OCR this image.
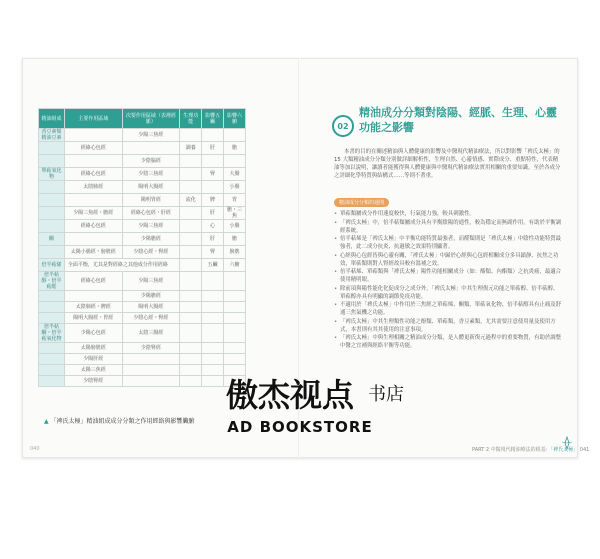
精油組成	主要作用區域	次要作用區域（表裡經脈）	生理功能	影響五臟	影響六腑
香豆素類精油豆素		少陽三焦經			
	經絡心包經		調養	肝	膽
		少陰腦經			
單萜氧化物	經絡心包經	少陰三焦經		腎	大腸
	太陰肺經	陽明大腸經			小腸
		陽明胃經	流化	脾	胃
	少陽三焦經・膽經	經絡心包經・肝經		肝	膽・三焦
	經絡心包經	少陽三焦經		心	小腸
酮		少陽膽經		肝	膽
	太陽小腸經・膀胱經	少陰心經・腎經		腎	膀胱
倍半萜烯	全面平衡，尤其是對經絡之其他成分作用經絡			五臟	六腑
倍半萜醇・倍半萜醛	經絡心包經	少陽三焦經			
		少陽膽經			
	太陰肺經・脾經	陽明大腸經			
	陽明大腸經・胃經	少陰心經・腎經			
倍半萜酮・倍半萜氧化物	少陽心包經	太陰三腸經			
	太陽膀胱經	少陰腎經			
	少陽肝經				
	太陽三焦經				
	少陰腎經				
▲ 「裨氏太極」精油組成成分分類之作用經絡與影響臟腑
040
02
精油成分分類對陰陽、經脈、生理、心靈功能之影響

本書的目的在闡述精油與人體健康的影響及中醫現代精油療法，所以對影響「裨氏太極」的 15 大類精油成分分類分別做詳細解析性，生理自然、心靈情感、實際成分、重點特性，代表精油等加以說明，讓讀者能獲得與人體健康與中醫現代精油療法實用相關的重要知識，至於各成分之評細化學特質與結構式……等則不著重。

精油成分分類的通則
• 單萜類屬成分作用速度較快，行氣能力強，較具刺激性。
• 「裨氏太極」中，倍半萜類屬成分具有平衡陰陽的通性，較為穩定而無副作用，有助於平衡調經系統。
• 倍半萜烯是「裨氏太極」中平衡功能特質最強者，而醛類則是「裨氏太極」中陰性功能特質最強者，此二成分抗炎、抗過敏之效果特別顯著。
• 心經與心包經皆與心靈有關，「裨氏太極」中歸於心經與心包經相關成分多具鎮靜、抗焦之功效，單萜類則對人腎經故具較有溫補之效。
• 倍半萜烯、單萜類與「裨氏太極」陽性功能相關成分（如：酯類、內酯類）之抗炎癌，最適合使用精明眼。
• 除前項與陽性能化化促成分之成分外，「裨氏太極」中其生理復元功能之單萜醇、倍半萜醇、單萜醇亦具有明顯的調節免疫功能。
• 不適用於「裨氏太極」中作用於三焦經之單萜烯、酮類、單萜氧化物、倍半萜醇具有止痛及舒通三焦氣機之功能。
• 「裨氏太極」中其生理類性功能之酚類、單萜類，香豆素類，尤其需要注意使用量及使用方式，本書則有其其使用的注意事項。
• 「裨氏太極」中與生理相關之精油成分分類，是人體更新復元過程中的重要物質，有助於調整中醫之宜補與經絡平衡等功能。
PART 2 中醫現代精油療法的根基：「裨氏太極」 041
傲杰视点 书店
AD BOOKSTORE
